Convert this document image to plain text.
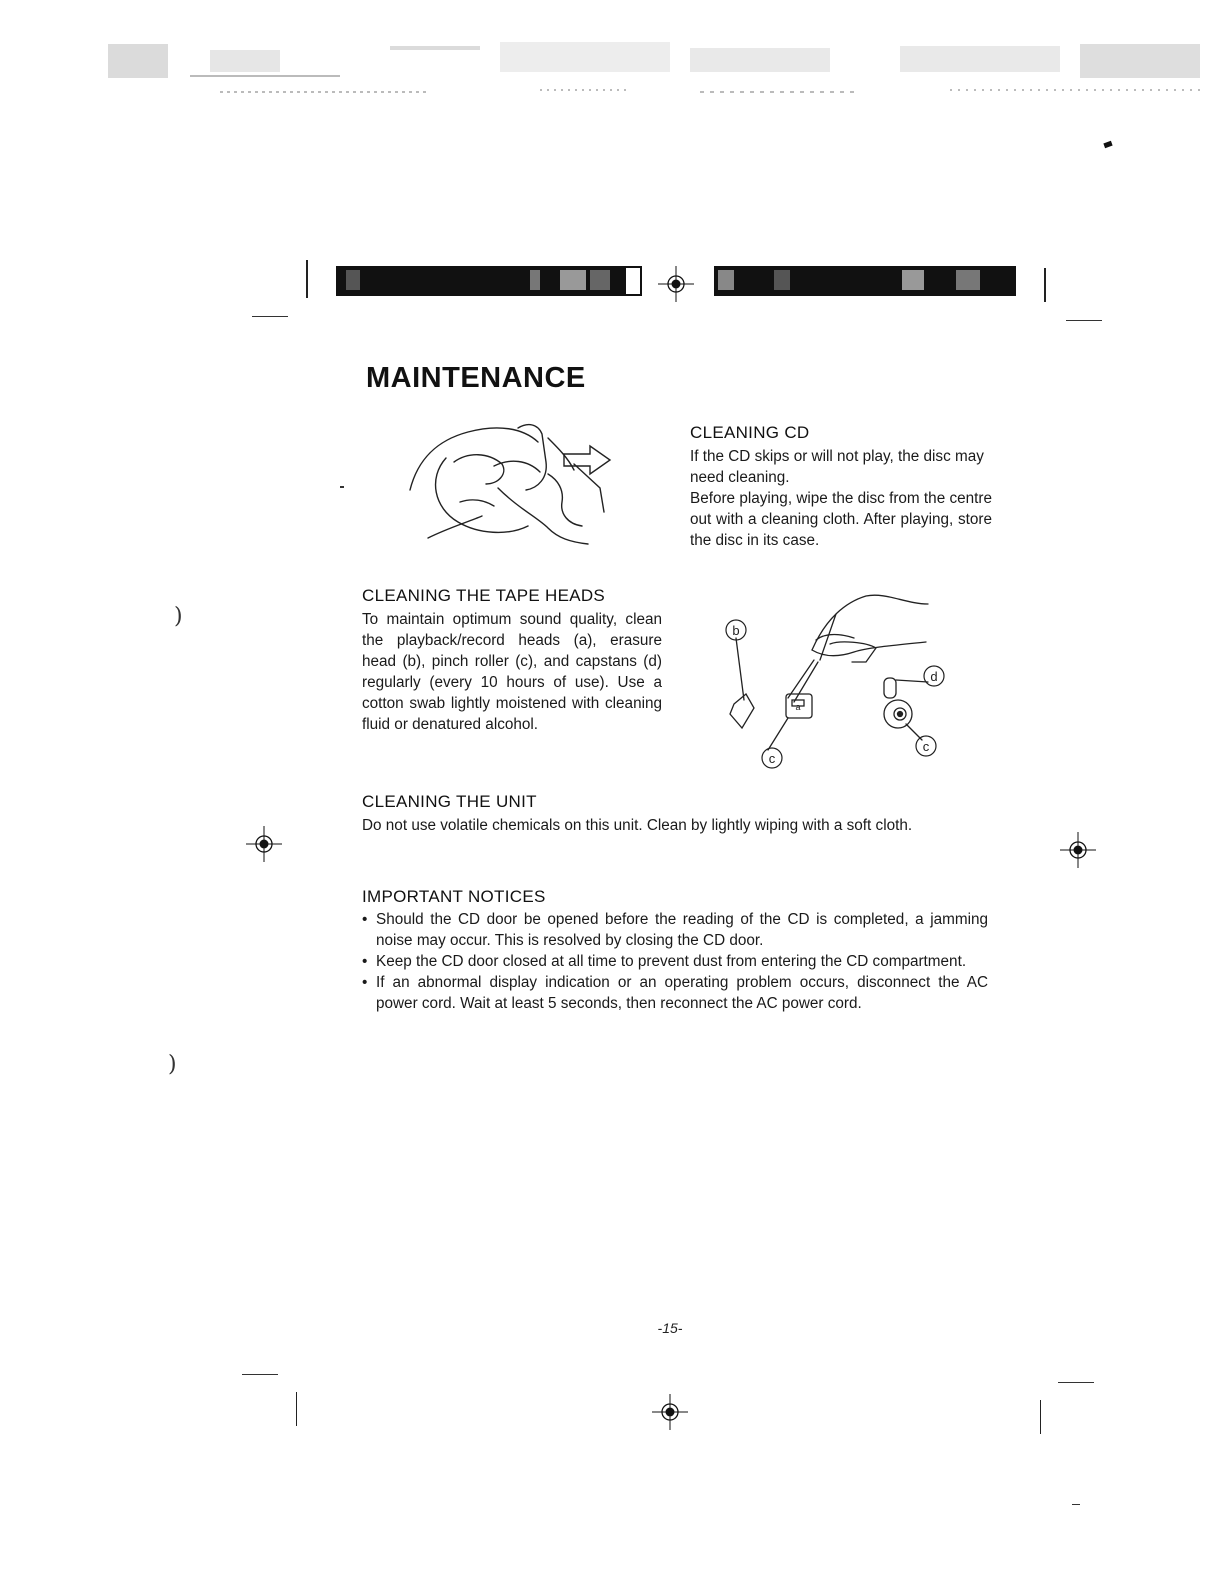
MAINTENANCE
CLEANING CD

If the CD skips or will not play, the disc may need cleaning.

Before playing, wipe the disc from the centre out with a cleaning cloth. After playing, store the disc in its case.

CLEANING THE TAPE HEADS

To maintain optimum sound quality, clean the playback/record heads (a), erasure head (b), pinch roller (c), and capstans (d) regularly (every 10 hours of use). Use a cotton swab lightly moistened with cleaning fluid or denatured alcohol.

b
d
c
c
a
CLEANING THE UNIT

Do not use volatile chemicals on this unit. Clean by lightly wiping with a soft cloth.

IMPORTANT NOTICES
• Should the CD door be opened before the reading of the CD is completed, a jamming noise may occur. This is resolved by closing the CD door.
• Keep the CD door closed at all time to prevent dust from entering the CD compartment.
• If an abnormal display indication or an operating problem occurs, disconnect the AC power cord. Wait at least 5 seconds, then reconnect the AC power cord.
)
)
-15-
